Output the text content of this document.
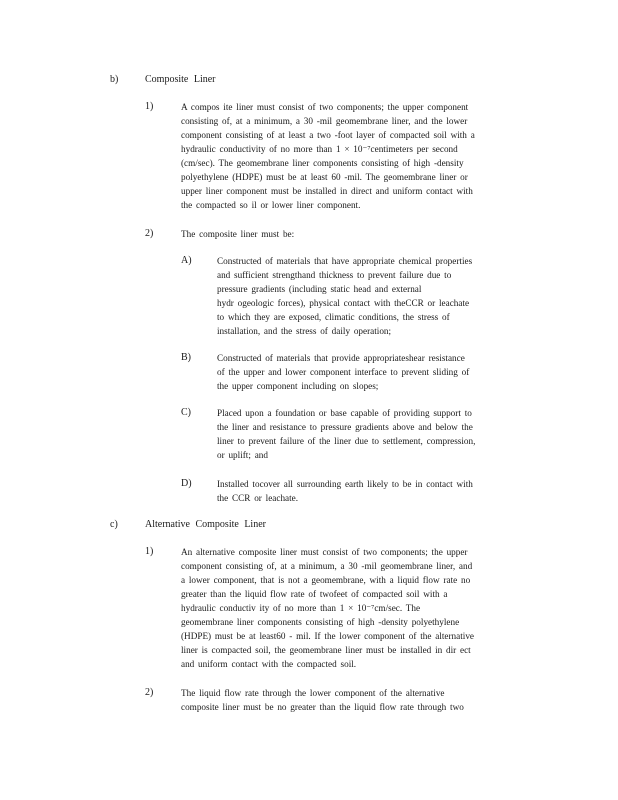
b)	Composite Liner
1)	A compos ite liner must consist of two components; the upper component
consisting of, at a minimum, a 30 -mil geomembrane liner, and the lower
component consisting of at least a two -foot layer of compacted soil with a
hydraulic conductivity of no more than 1 × 10⁻⁷centimeters per second
(cm/sec). The geomembrane liner components consisting of high -density
polyethylene (HDPE) must be at least 60 -mil. The geomembrane liner or
upper liner component must be installed in direct and uniform contact with
the compacted so il or lower liner component.
2)	The composite liner must be:
A)	Constructed of materials that have appropriate chemical properties
and sufficient strengthand thickness to prevent failure due to
pressure gradients (including static head and external
hydr ogeologic forces), physical contact with theCCR or leachate
to which they are exposed, climatic conditions, the stress of
installation, and the stress of daily operation;
B)	Constructed of materials that provide appropriateshear resistance
of the upper and lower component interface to prevent sliding of
the upper component including on slopes;
C)	Placed upon a foundation or base capable of providing support to
the liner and resistance to pressure gradients above and below the
liner to prevent failure of the liner due to settlement, compression,
or uplift; and
D)	Installed tocover all surrounding earth likely to be in contact with
the CCR or leachate.
c)	Alternative Composite Liner
1)	An alternative composite liner must consist of two components; the upper
component consisting of, at a minimum, a 30 -mil geomembrane liner, and
a lower component, that is not a geomembrane, with a liquid flow rate no
greater than the liquid flow rate of twofeet of compacted soil with a
hydraulic conductiv ity of no more than 1 × 10⁻⁷cm/sec. The
geomembrane liner components consisting of high -density polyethylene
(HDPE) must be at least60 - mil. If the lower component of the alternative
liner is compacted soil, the geomembrane liner must be installed in dir ect
and uniform contact with the compacted soil.
2)	The liquid flow rate through the lower component of the alternative
composite liner must be no greater than the liquid flow rate through two
